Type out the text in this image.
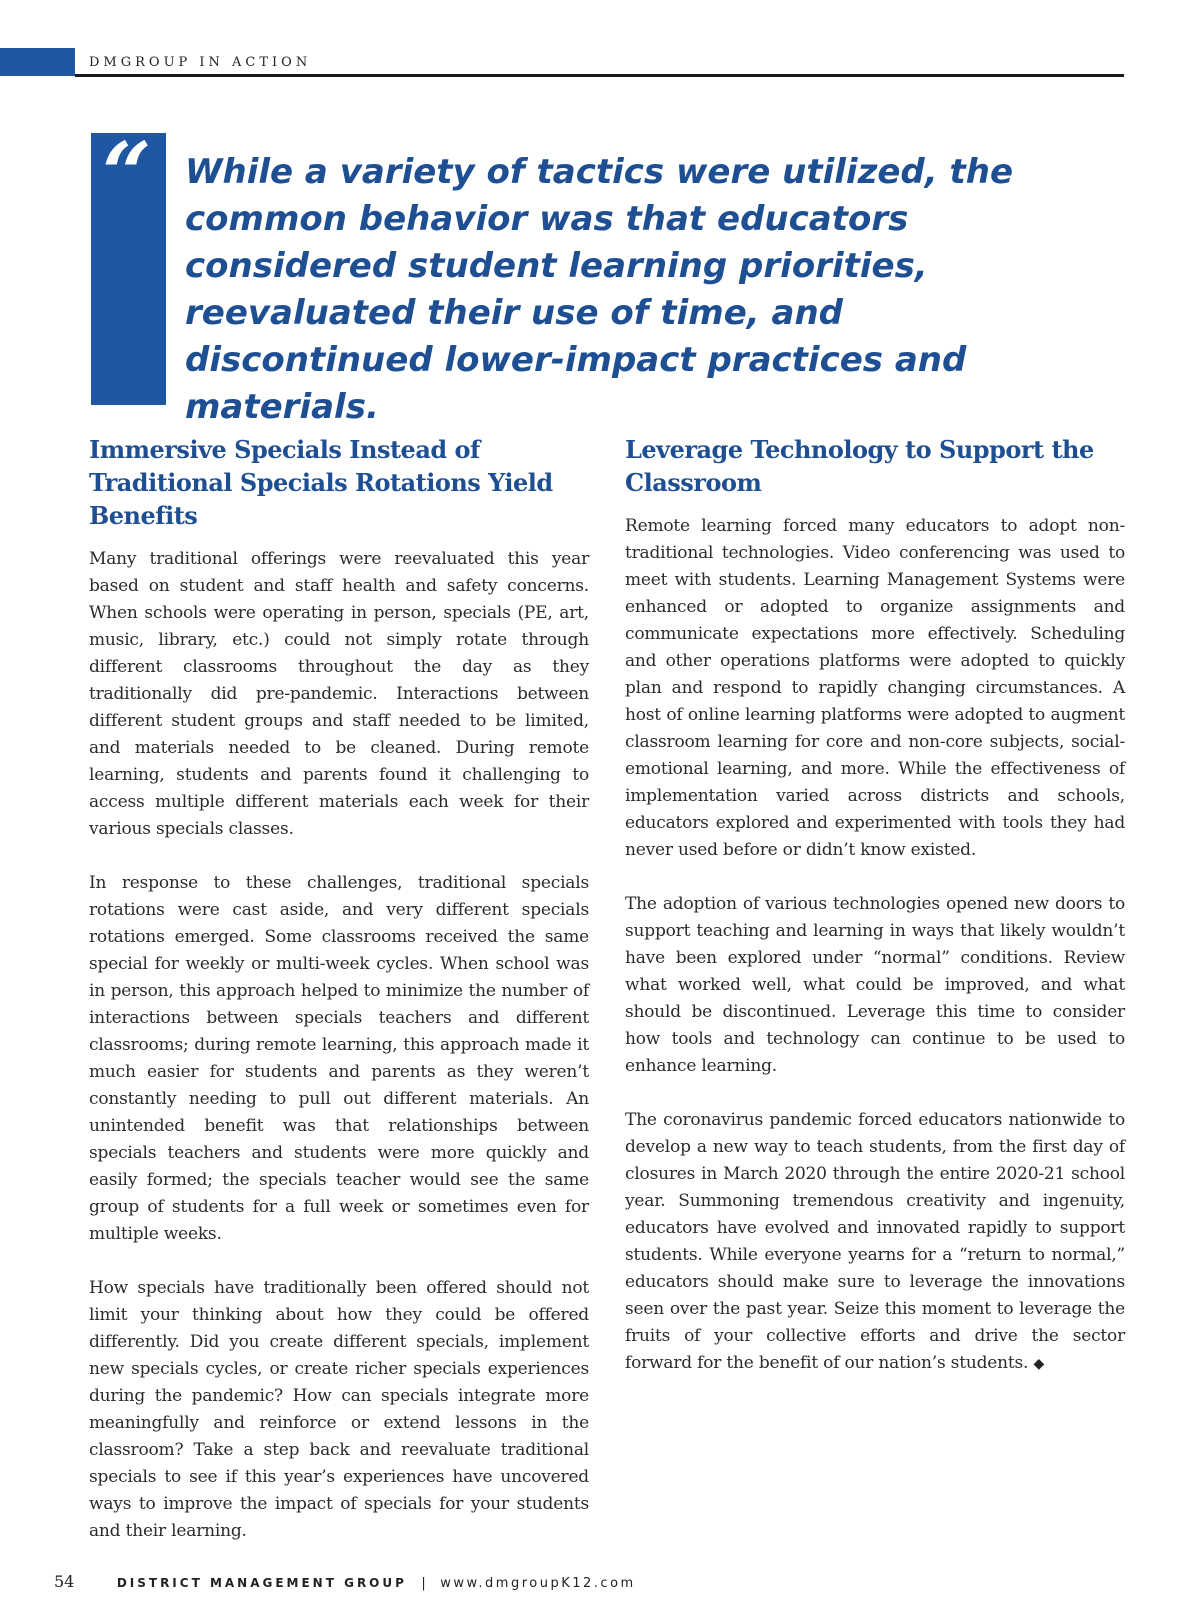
DMGROUP IN ACTION
“ While a variety of tactics were utilized, the common behavior was that educators considered student learning priorities, reevaluated their use of time, and discontinued lower-impact practices and materials.

Immersive Specials Instead of Traditional Specials Rotations Yield Benefits

Many traditional offerings were reevaluated this year based on student and staff health and safety concerns. When schools were operating in person, specials (PE, art, music, library, etc.) could not simply rotate through different classrooms throughout the day as they traditionally did pre-pandemic. Interactions between different student groups and staff needed to be limited, and materials needed to be cleaned. During remote learning, students and parents found it challenging to access multiple different materials each week for their various specials classes.

In response to these challenges, traditional specials rotations were cast aside, and very different specials rotations emerged. Some classrooms received the same special for weekly or multi-week cycles. When school was in person, this approach helped to minimize the number of interactions between specials teachers and different classrooms; during remote learning, this approach made it much easier for students and parents as they weren’t constantly needing to pull out different materials. An unintended benefit was that relationships between specials teachers and students were more quickly and easily formed; the specials teacher would see the same group of students for a full week or sometimes even for multiple weeks.

How specials have traditionally been offered should not limit your thinking about how they could be offered differently. Did you create different specials, implement new specials cycles, or create richer specials experiences during the pandemic? How can specials integrate more meaningfully and reinforce or extend lessons in the classroom? Take a step back and reevaluate traditional specials to see if this year’s experiences have uncovered ways to improve the impact of specials for your students and their learning.

Leverage Technology to Support the Classroom

Remote learning forced many educators to adopt non-traditional technologies. Video conferencing was used to meet with students. Learning Management Systems were enhanced or adopted to organize assignments and communicate expectations more effectively. Scheduling and other operations platforms were adopted to quickly plan and respond to rapidly changing circumstances. A host of online learning platforms were adopted to augment classroom learning for core and non-core subjects, social-emotional learning, and more. While the effectiveness of implementation varied across districts and schools, educators explored and experimented with tools they had never used before or didn’t know existed.

The adoption of various technologies opened new doors to support teaching and learning in ways that likely wouldn’t have been explored under “normal” conditions. Review what worked well, what could be improved, and what should be discontinued. Leverage this time to consider how tools and technology can continue to be used to enhance learning.

The coronavirus pandemic forced educators nationwide to develop a new way to teach students, from the first day of closures in March 2020 through the entire 2020-21 school year. Summoning tremendous creativity and ingenuity, educators have evolved and innovated rapidly to support students. While everyone yearns for a “return to normal,” educators should make sure to leverage the innovations seen over the past year. Seize this moment to leverage the fruits of your collective efforts and drive the sector forward for the benefit of our nation’s students. ◆

54	DISTRICT MANAGEMENT GROUP | www.dmgroupK12.com
